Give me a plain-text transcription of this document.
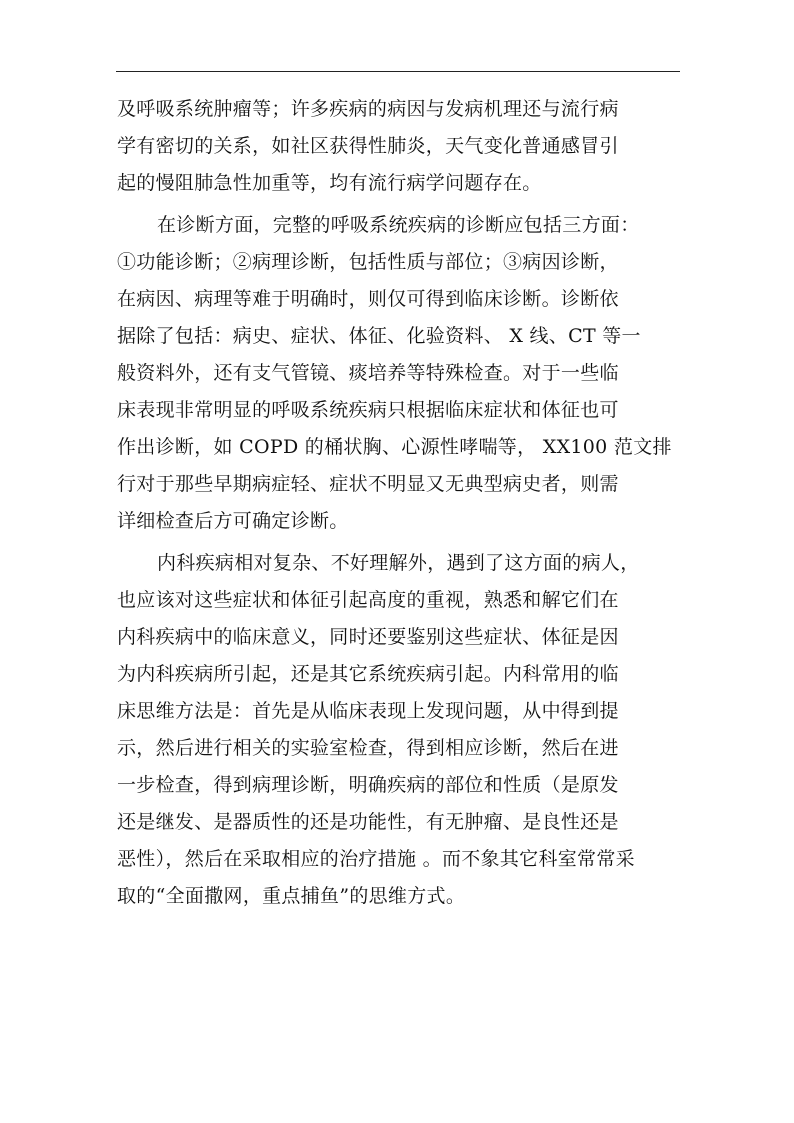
及呼吸系统肿瘤等；许多疾病的病因与发病机理还与流行病
学有密切的关系，如社区获得性肺炎，天气变化普通感冒引
起的慢阻肺急性加重等，均有流行病学问题存在。
在诊断方面，完整的呼吸系统疾病的诊断应包括三方面：
①功能诊断；②病理诊断，包括性质与部位；③病因诊断，
在病因、病理等难于明确时，则仅可得到临床诊断。诊断依
据除了包括：病史、症状、体征、化验资料、 X 线、CT 等一
般资料外，还有支气管镜、痰培养等特殊检查。对于一些临
床表现非常明显的呼吸系统疾病只根据临床症状和体征也可
作出诊断，如 COPD 的桶状胸、心源性哮喘等， XX100 范文排
行对于那些早期病症轻、症状不明显又无典型病史者，则需
详细检查后方可确定诊断。
内科疾病相对复杂、不好理解外，遇到了这方面的病人，
也应该对这些症状和体征引起高度的重视，熟悉和解它们在
内科疾病中的临床意义，同时还要鉴别这些症状、体征是因
为内科疾病所引起，还是其它系统疾病引起。内科常用的临
床思维方法是：首先是从临床表现上发现问题，从中得到提
示，然后进行相关的实验室检查，得到相应诊断，然后在进
一步检查，得到病理诊断，明确疾病的部位和性质（是原发
还是继发、是器质性的还是功能性，有无肿瘤、是良性还是
恶性），然后在采取相应的治疗措施 。而不象其它科室常常采
取的“全面撒网，重点捕鱼”的思维方式。
